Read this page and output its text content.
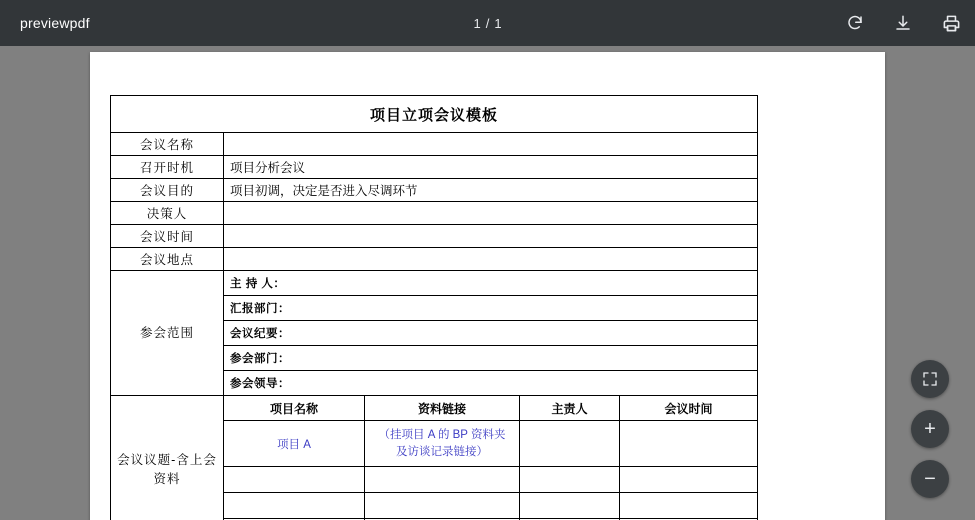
previewpdf	1 / 1
项目立项会议模板				
会议名称				
召开时机	项目分析会议			
会议目的	项目初调，决定是否进入尽调环节			
决策人				
会议时间				
会议地点				
参会范围	主 持 人：			
	汇报部门：			
	会议纪要：			
	参会部门：			
	参会领导：			
会议议题-含上会资料	项目名称	资料链接	主责人	会议时间
	项目 A	（挂项目 A 的 BP 资料夹及访谈记录链接）		

+
−
